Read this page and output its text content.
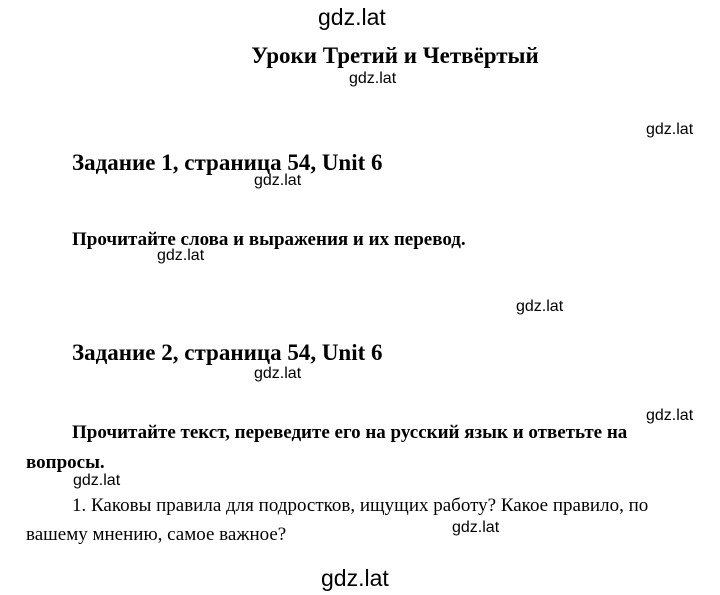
gdz.lat
Уроки Третий и Четвёртый
gdz.lat
gdz.lat
Задание 1, страница 54, Unit 6
gdz.lat
Прочитайте слова и выражения и их перевод.
gdz.lat
gdz.lat
Задание 2, страница 54, Unit 6
gdz.lat
gdz.lat
Прочитайте текст, переведите его на русский язык и ответьте на вопросы.
gdz.lat
1. Каковы правила для подростков, ищущих работу? Какое правило, по вашему мнению, самое важное?	gdz.lat
gdz.lat
